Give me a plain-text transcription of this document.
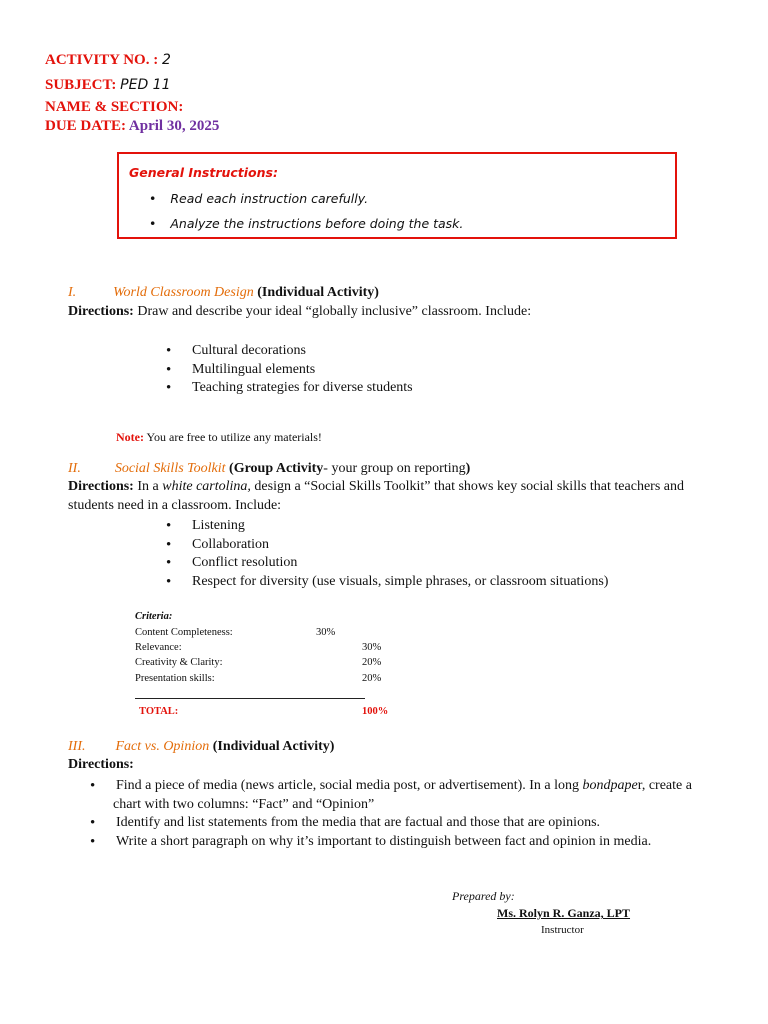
ACTIVITY NO. : 2
SUBJECT: PED 11
NAME & SECTION:
DUE DATE: April 30, 2025
General Instructions:
• Read each instruction carefully.
• Analyze the instructions before doing the task.
I.	World Classroom Design (Individual Activity)
Directions: Draw and describe your ideal “globally inclusive” classroom. Include:
• Cultural decorations
• Multilingual elements
• Teaching strategies for diverse students
Note: You are free to utilize any materials!
II. Social Skills Toolkit (Group Activity- your group on reporting)
Directions: In a white cartolina, design a “Social Skills Toolkit” that shows key social skills that teachers and
students need in a classroom. Include:
• Listening
• Collaboration
• Conflict resolution
• Respect for diversity (use visuals, simple phrases, or classroom situations)
Criteria:
Content Completeness:	30%
Relevance:	30%
Creativity & Clarity:	20%
Presentation skills:	20%
TOTAL:	100%
III. Fact vs. Opinion (Individual Activity)
Directions:
• Find a piece of media (news article, social media post, or advertisement). In a long bondpaper, create a
chart with two columns: “Fact” and “Opinion”
• Identify and list statements from the media that are factual and those that are opinions.
• Write a short paragraph on why it’s important to distinguish between fact and opinion in media.
Prepared by:
Ms. Rolyn R. Ganza, LPT
Instructor
